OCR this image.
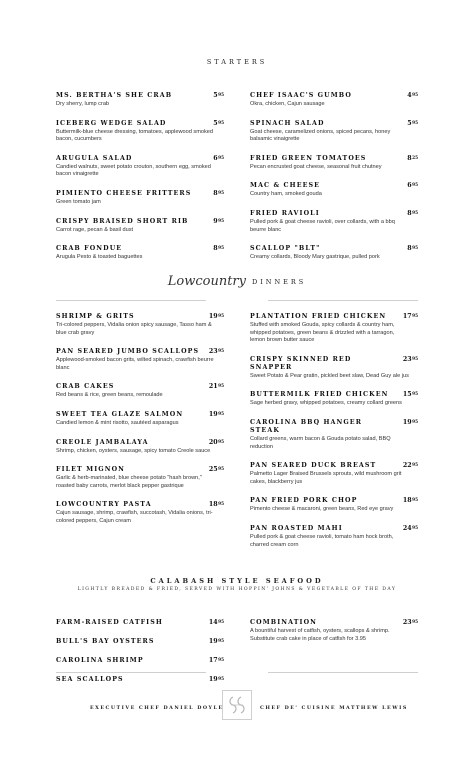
STARTERS
MS. BERTHA'S SHE CRAB	$5^{95}$
Dry sherry, lump crab
ICEBERG WEDGE SALAD	$5^{95}$
Buttermilk-blue cheese dressing, tomatoes, applewood smoked bacon, cucumbers
ARUGULA SALAD	$6^{95}$
Candied walnuts, sweet potato crouton, southern egg, smoked bacon vinaigrette
PIMIENTO CHEESE FRITTERS	$8^{95}$
Green tomato jam
CRISPY BRAISED SHORT RIB	$9^{95}$
Carrot rage, pecan & basil dust
CRAB FONDUE	$8^{95}$
Arugula Pesto & toasted baguettes
CHEF ISAAC'S GUMBO	$4^{95}$
Okra, chicken, Cajun sausage
SPINACH SALAD	$5^{95}$
Goat cheese, caramelized onions, spiced pecans, honey balsamic vinaigrette
FRIED GREEN TOMATOES	$8^{25}$
Pecan encrusted goat cheese, seasonal fruit chutney
MAC & CHEESE	$6^{95}$
Country ham, smoked gouda
FRIED RAVIOLI	$8^{95}$
Pulled pork & goat cheese ravioli, over collards, with a bbq beurre blanc
SCALLOP "BLT"	$8^{95}$
Creamy collards, Bloody Mary gastrique, pulled pork
Lowcountry DINNERS
SHRIMP & GRITS	$19^{95}$
Tri-colored peppers, Vidalia onion spicy sausage, Tasso ham & blue crab gravy
PAN SEARED JUMBO SCALLOPS	$23^{95}$
Applewood-smoked bacon grits, wilted spinach, crawfish beurre blanc
CRAB CAKES	$21^{95}$
Red beans & rice, green beans, remoulade
SWEET TEA GLAZE SALMON	$19^{95}$
Candied lemon & mint risotto, sautéed asparagus
CREOLE JAMBALAYA	$20^{95}$
Shrimp, chicken, oysters, sausage, spicy tomato Creole sauce
FILET MIGNON	$25^{95}$
Garlic & herb-marinated, blue cheese potato "hash brown," roasted baby carrots, merlot black pepper gastrique
LOWCOUNTRY PASTA	$18^{95}$
Cajun sausage, shrimp, crawfish, succotash, Vidalia onions, tri-colored peppers, Cajun cream
PLANTATION FRIED CHICKEN	$17^{95}$
Stuffed with smoked Gouda, spicy collards & country ham, whipped potatoes, green beans & drizzled with a tarragon, lemon brown butter sauce
CRISPY SKINNED RED SNAPPER
$23^{95}$
Sweet Potato & Pear gratin, pickled beet slaw, Dead Guy ale jus
BUTTERMILK FRIED CHICKEN	$15^{95}$
Sage herbed gravy, whipped potatoes, creamy collard greens
CAROLINA BBQ HANGER STEAK
$19^{95}$
Collard greens, warm bacon & Gouda potato salad, BBQ reduction
PAN SEARED DUCK BREAST	$22^{95}$
Palmetto Lager Braised Brussels sprouts, wild mushroom grit cakes, blackberry jus
PAN FRIED PORK CHOP	$18^{95}$
Pimento cheese & macaroni, green beans, Red eye gravy
PAN ROASTED MAHI	$24^{95}$
Pulled pork & goat cheese ravioli, tomato ham hock broth, charred cream corn
CALABASH STYLE SEAFOOD
LIGHTLY BREADED & FRIED, SERVED WITH HOPPIN' JOHNS & VEGETABLE OF THE DAY
FARM-RAISED CATFISH	$14^{95}$
BULL'S BAY OYSTERS	$19^{95}$
CAROLINA SHRIMP	$17^{95}$
SEA SCALLOPS	$19^{95}$
COMBINATION	$23^{95}$
A bountiful harvest of catfish, oysters, scallops & shrimp. Substitute crab cake in place of catfish for 3.95
EXECUTIVE CHEF DANIEL DOYLE	CHEF DE' CUISINE MATTHEW LEWIS
